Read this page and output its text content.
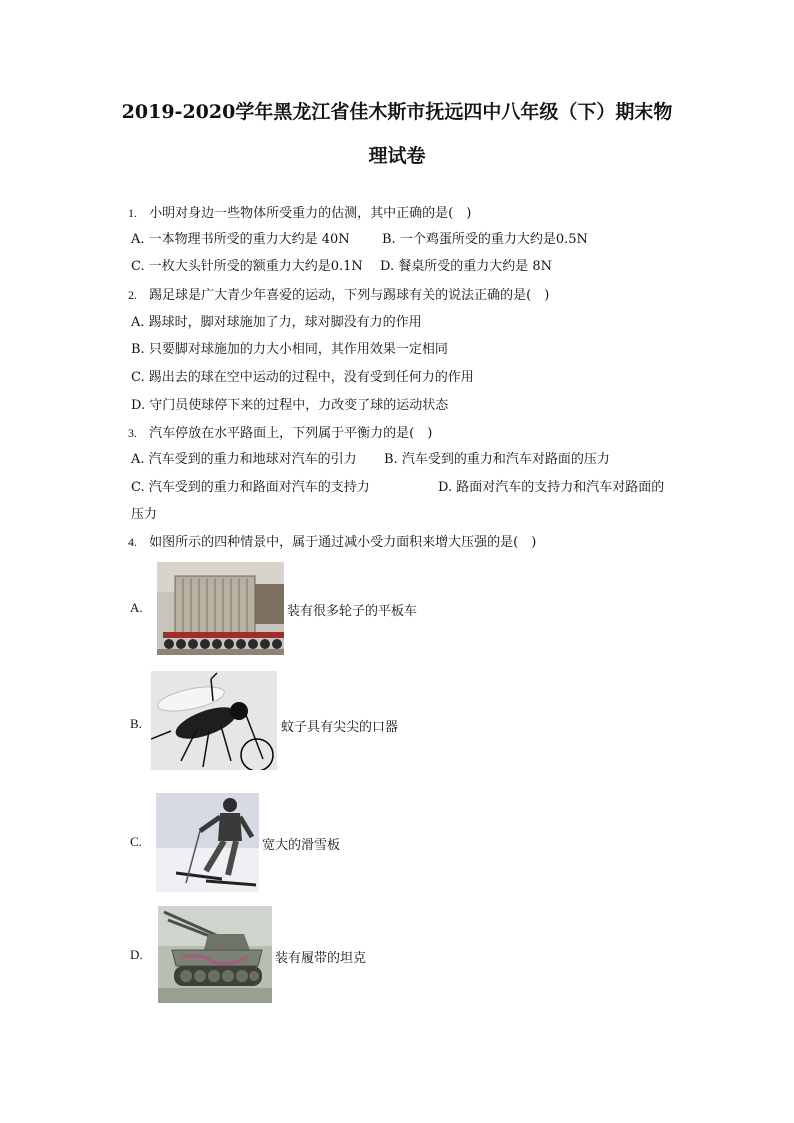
2019-2020学年黑龙江省佳木斯市抚远四中八年级（下）期末物
理试卷
1. 小明对身边一些物体所受重力的估测，其中正确的是(　)
A. 一本物理书所受的重力大约是 40N B. 一个鸡蛋所受的重力大约是0.5N
C. 一枚大头针所受的额重力大约是0.1N D. 餐桌所受的重力大约是 8N
2. 踢足球是广大青少年喜爱的运动，下列与踢球有关的说法正确的是(　)
A. 踢球时，脚对球施加了力，球对脚没有力的作用
B. 只要脚对球施加的力大小相同，其作用效果一定相同
C. 踢出去的球在空中运动的过程中，没有受到任何力的作用
D. 守门员使球停下来的过程中，力改变了球的运动状态
3. 汽车停放在水平路面上，下列属于平衡力的是(　)
A. 汽车受到的重力和地球对汽车的引力 B. 汽车受到的重力和汽车对路面的压力
C. 汽车受到的重力和路面对汽车的支持力	D. 路面对汽车的支持力和汽车对路面的
压力
4. 如图所示的四种情景中，属于通过减小受力面积来增大压强的是(　)
A.	装有很多轮子的平板车
B.	蚊子具有尖尖的口器
C.	宽大的滑雪板
D.	装有履带的坦克
